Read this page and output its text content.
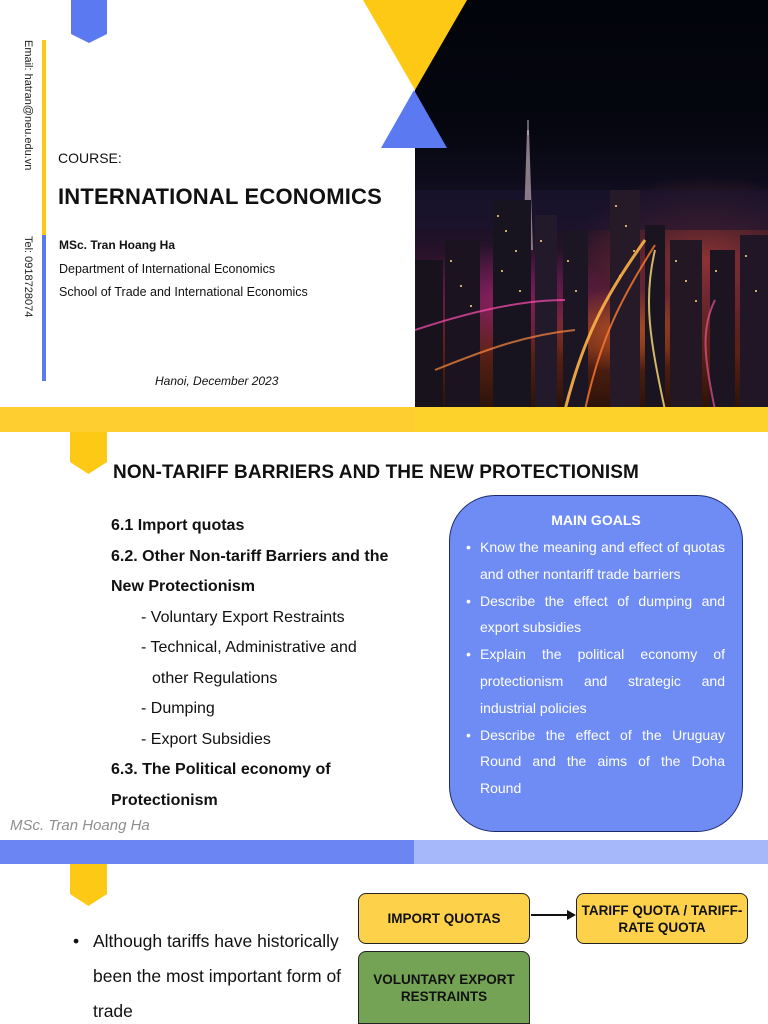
Email: hatran@neu.edu.vn
Tel: 0918728074
COURSE:
INTERNATIONAL ECONOMICS
MSc. Tran Hoang Ha
Department of International Economics
School of Trade and International Economics
Hanoi, December 2023
NON-TARIFF BARRIERS AND THE NEW PROTECTIONISM
6.1 Import quotas
6.2. Other Non-tariff Barriers and the New Protectionism
- Voluntary Export Restraints
- Technical, Administrative and
other Regulations
- Dumping
- Export Subsidies
6.3. The Political economy of Protectionism
MAIN GOALS
• Know the meaning and effect of quotas and other nontariff trade barriers
• Describe the effect of dumping and export subsidies
• Explain the political economy of protectionism and strategic and industrial policies
• Describe the effect of the Uruguay Round and the aims of the Doha Round
MSc. Tran Hoang Ha
• Although tariffs have historically been the most important form of trade
IMPORT QUOTAS
TARIFF QUOTA / TARIFF-RATE QUOTA
VOLUNTARY EXPORT RESTRAINTS
